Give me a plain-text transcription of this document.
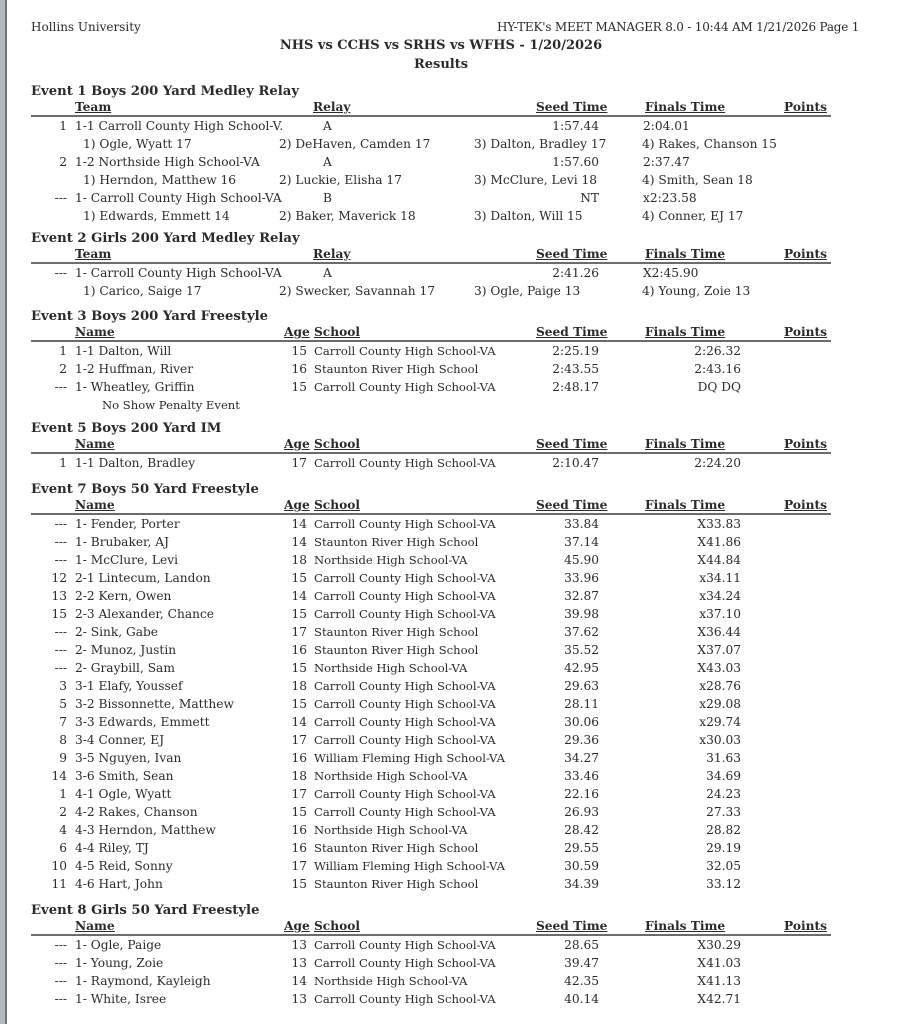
Hollins University	HY-TEK's MEET MANAGER 8.0 - 10:44 AM 1/21/2026 Page 1
NHS vs CCHS vs SRHS vs WFHS - 1/20/2026
Results
Event 1 Boys 200 Yard Medley Relay
Team	Relay	Seed Time	Finals Time	Points
1 1-1 Carroll County High School-V.	A	1:57.44	2:04.01
1) Ogle, Wyatt 17	2) DeHaven, Camden 17	3) Dalton, Bradley 17	4) Rakes, Chanson 15
2 1-2 Northside High School-VA	A	1:57.60	2:37.47
1) Herndon, Matthew 16	2) Luckie, Elisha 17	3) McClure, Levi 18	4) Smith, Sean 18
--- 1- Carroll County High School-VA	B	NT	x2:23.58
1) Edwards, Emmett 14	2) Baker, Maverick 18	3) Dalton, Will 15	4) Conner, EJ 17
Event 2 Girls 200 Yard Medley Relay
Team	Relay	Seed Time	Finals Time	Points
--- 1- Carroll County High School-VA	A	2:41.26	X2:45.90
1) Carico, Saige 17	2) Swecker, Savannah 17	3) Ogle, Paige 13	4) Young, Zoie 13
Event 3 Boys 200 Yard Freestyle
Name	Age School	Seed Time	Finals Time	Points
1 1-1 Dalton, Will	15 Carroll County High School-VA	2:25.19	2:26.32
2 1-2 Huffman, River	16 Staunton River High School	2:43.55	2:43.16
--- 1- Wheatley, Griffin	15 Carroll County High School-VA	2:48.17	DQ DQ
No Show Penalty Event
Event 5 Boys 200 Yard IM
Name	Age School	Seed Time	Finals Time	Points
1 1-1 Dalton, Bradley	17 Carroll County High School-VA	2:10.47	2:24.20
Event 7 Boys 50 Yard Freestyle
Name	Age School	Seed Time	Finals Time	Points
--- 1- Fender, Porter	14 Carroll County High School-VA	33.84	X33.83
--- 1- Brubaker, AJ	14 Staunton River High School	37.14	X41.86
--- 1- McClure, Levi	18 Northside High School-VA	45.90	X44.84
12 2-1 Lintecum, Landon	15 Carroll County High School-VA	33.96	x34.11
13 2-2 Kern, Owen	14 Carroll County High School-VA	32.87	x34.24
15 2-3 Alexander, Chance	15 Carroll County High School-VA	39.98	x37.10
--- 2- Sink, Gabe	17 Staunton River High School	37.62	X36.44
--- 2- Munoz, Justin	16 Staunton River High School	35.52	X37.07
--- 2- Graybill, Sam	15 Northside High School-VA	42.95	X43.03
3 3-1 Elafy, Youssef	18 Carroll County High School-VA	29.63	x28.76
5 3-2 Bissonnette, Matthew	15 Carroll County High School-VA	28.11	x29.08
7 3-3 Edwards, Emmett	14 Carroll County High School-VA	30.06	x29.74
8 3-4 Conner, EJ	17 Carroll County High School-VA	29.36	x30.03
9 3-5 Nguyen, Ivan	16 William Fleming High School-VA	34.27	31.63
14 3-6 Smith, Sean	18 Northside High School-VA	33.46	34.69
1 4-1 Ogle, Wyatt	17 Carroll County High School-VA	22.16	24.23
2 4-2 Rakes, Chanson	15 Carroll County High School-VA	26.93	27.33
4 4-3 Herndon, Matthew	16 Northside High School-VA	28.42	28.82
6 4-4 Riley, TJ	16 Staunton River High School	29.55	29.19
10 4-5 Reid, Sonny	17 William Fleming High School-VA	30.59	32.05
11 4-6 Hart, John	15 Staunton River High School	34.39	33.12
Event 8 Girls 50 Yard Freestyle
Name	Age School	Seed Time	Finals Time	Points
--- 1- Ogle, Paige	13 Carroll County High School-VA	28.65	X30.29
--- 1- Young, Zoie	13 Carroll County High School-VA	39.47	X41.03
--- 1- Raymond, Kayleigh	14 Northside High School-VA	42.35	X41.13
--- 1- White, Isree	13 Carroll County High School-VA	40.14	X42.71
